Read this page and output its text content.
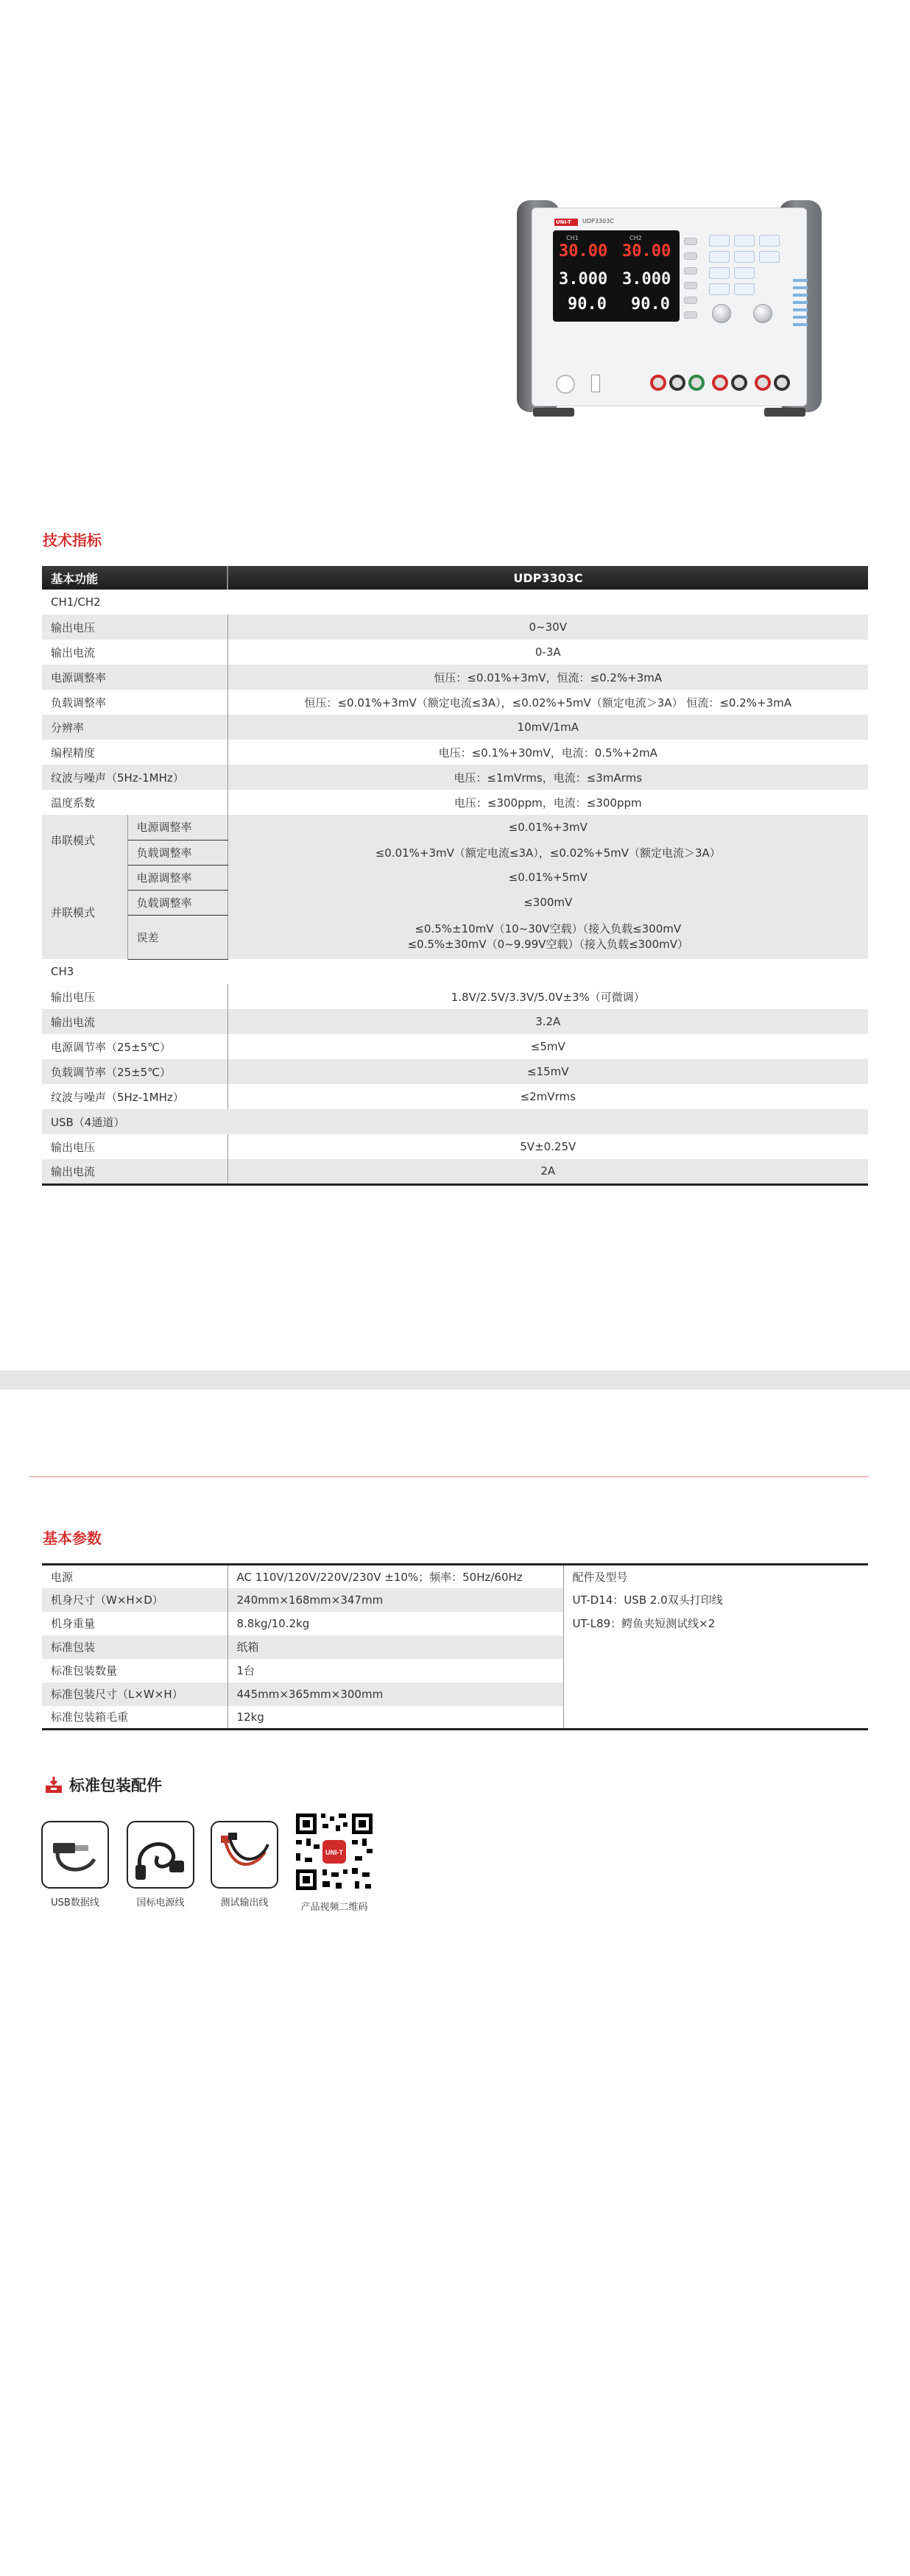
UNI-T UDP3303C
CH1	CH2
30.00 30.00
3.000 3.000
90.0 90.0
技术指标
基本功能		UDP3303C
CH1/CH2		
输出电压		0~30V
输出电流		0-3A
电源调整率		恒压：≤0.01%+3mV，恒流：≤0.2%+3mA
负载调整率		恒压：≤0.01%+3mV（额定电流≤3A），≤0.02%+5mV（额定电流＞3A） 恒流：≤0.2%+3mA
分辨率		10mV/1mA
编程精度		电压：≤0.1%+30mV，电流：0.5%+2mA
纹波与噪声（5Hz-1MHz）		电压：≤1mVrms，电流：≤3mArms
温度系数		电压：≤300ppm，电流：≤300ppm
串联模式	电源调整率	≤0.01%+3mV
	负载调整率	≤0.01%+3mV（额定电流≤3A），≤0.02%+5mV（额定电流＞3A）
并联模式	电源调整率	≤0.01%+5mV
	负载调整率	≤300mV
	误差	≤0.5%±10mV（10~30V空载）（接入负载≤300mV
≤0.5%±30mV（0~9.99V空载）（接入负载≤300mV）

CH3		
输出电压		1.8V/2.5V/3.3V/5.0V±3%（可微调）
输出电流		3.2A
电源调节率（25±5℃）		≤5mV
负载调节率（25±5℃）		≤15mV
纹波与噪声（5Hz-1MHz）		≤2mVrms
USB（4通道）		
输出电压		5V±0.25V
输出电流		2A
基本参数
电源	AC 110V/120V/220V/230V ±10%；频率：50Hz/60Hz	配件及型号
机身尺寸（W×H×D）	240mm×168mm×347mm	UT-D14：USB 2.0双头打印线
机身重量	8.8kg/10.2kg	UT-L89：鳄鱼夹短测试线×2
标准包装	纸箱	
标准包装数量	1台	
标准包装尺寸（L×W×H）	445mm×365mm×300mm	
标准包装箱毛重	12kg	
标准包装配件
USB数据线	国标电源线	测试输出线
UNI-T
产品视频二维码
